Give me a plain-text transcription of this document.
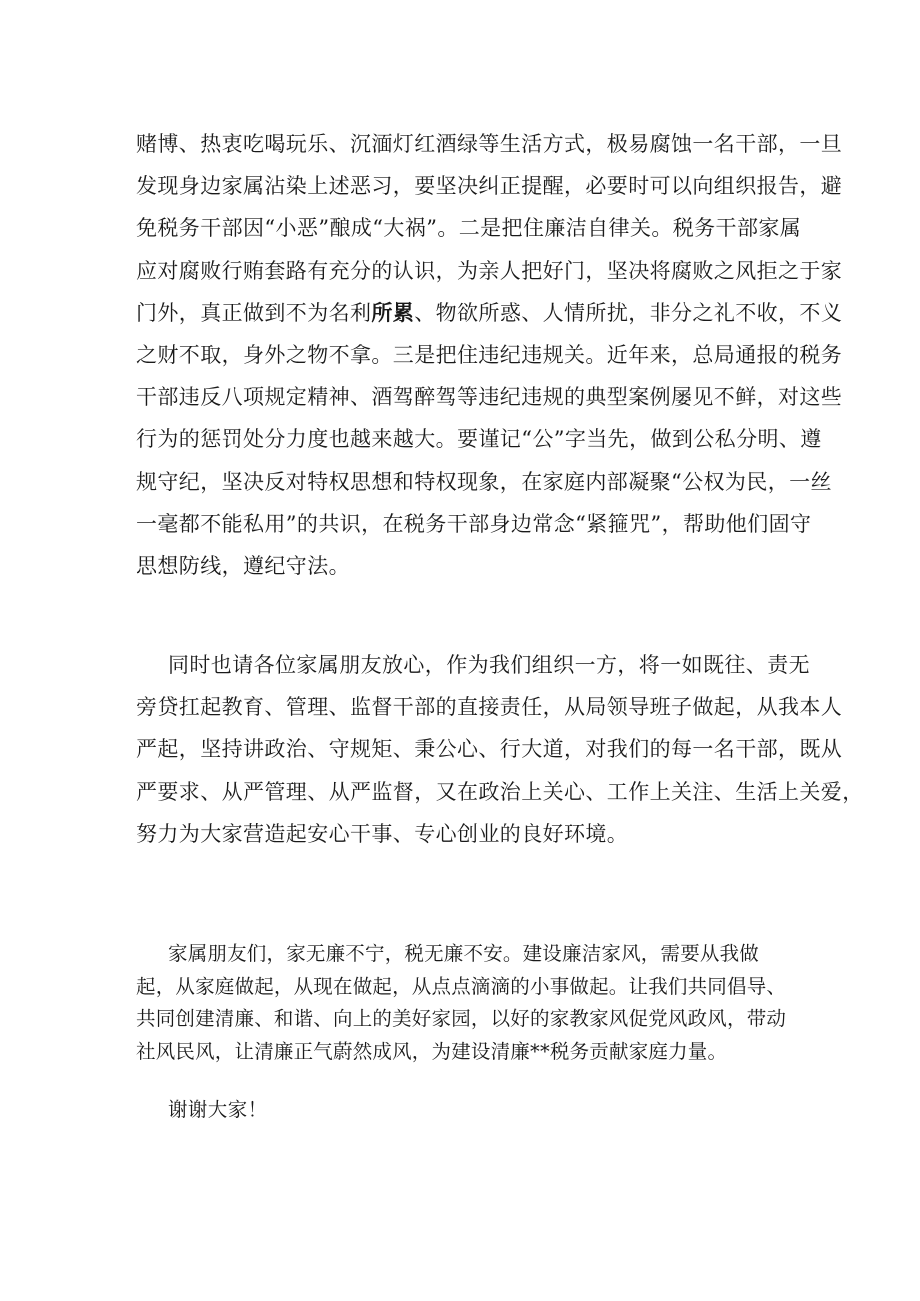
赌博、热衷吃喝玩乐、沉湎灯红酒绿等生活方式，极易腐蚀一名干部，一旦
发现身边家属沾染上述恶习，要坚决纠正提醒，必要时可以向组织报告，避
免税务干部因“小恶”酿成“大祸”。二是把住廉洁自律关。税务干部家属
应对腐败行贿套路有充分的认识，为亲人把好门，坚决将腐败之风拒之于家
门外，真正做到不为名利所累、物欲所惑、人情所扰，非分之礼不收，不义
之财不取，身外之物不拿。三是把住违纪违规关。近年来，总局通报的税务
干部违反八项规定精神、酒驾醉驾等违纪违规的典型案例屡见不鲜，对这些
行为的惩罚处分力度也越来越大。要谨记“公”字当先，做到公私分明、遵
规守纪，坚决反对特权思想和特权现象，在家庭内部凝聚“公权为民，一丝
一毫都不能私用”的共识，在税务干部身边常念“紧箍咒”，帮助他们固守
思想防线，遵纪守法。
同时也请各位家属朋友放心，作为我们组织一方，将一如既往、责无
旁贷扛起教育、管理、监督干部的直接责任，从局领导班子做起，从我本人
严起，坚持讲政治、守规矩、秉公心、行大道，对我们的每一名干部，既从
严要求、从严管理、从严监督，又在政治上关心、工作上关注、生活上关爱，
努力为大家营造起安心干事、专心创业的良好环境。
家属朋友们，家无廉不宁，税无廉不安。建设廉洁家风，需要从我做
起，从家庭做起，从现在做起，从点点滴滴的小事做起。让我们共同倡导、
共同创建清廉、和谐、向上的美好家园，以好的家教家风促党风政风，带动
社风民风，让清廉正气蔚然成风，为建设清廉**税务贡献家庭力量。
谢谢大家！
